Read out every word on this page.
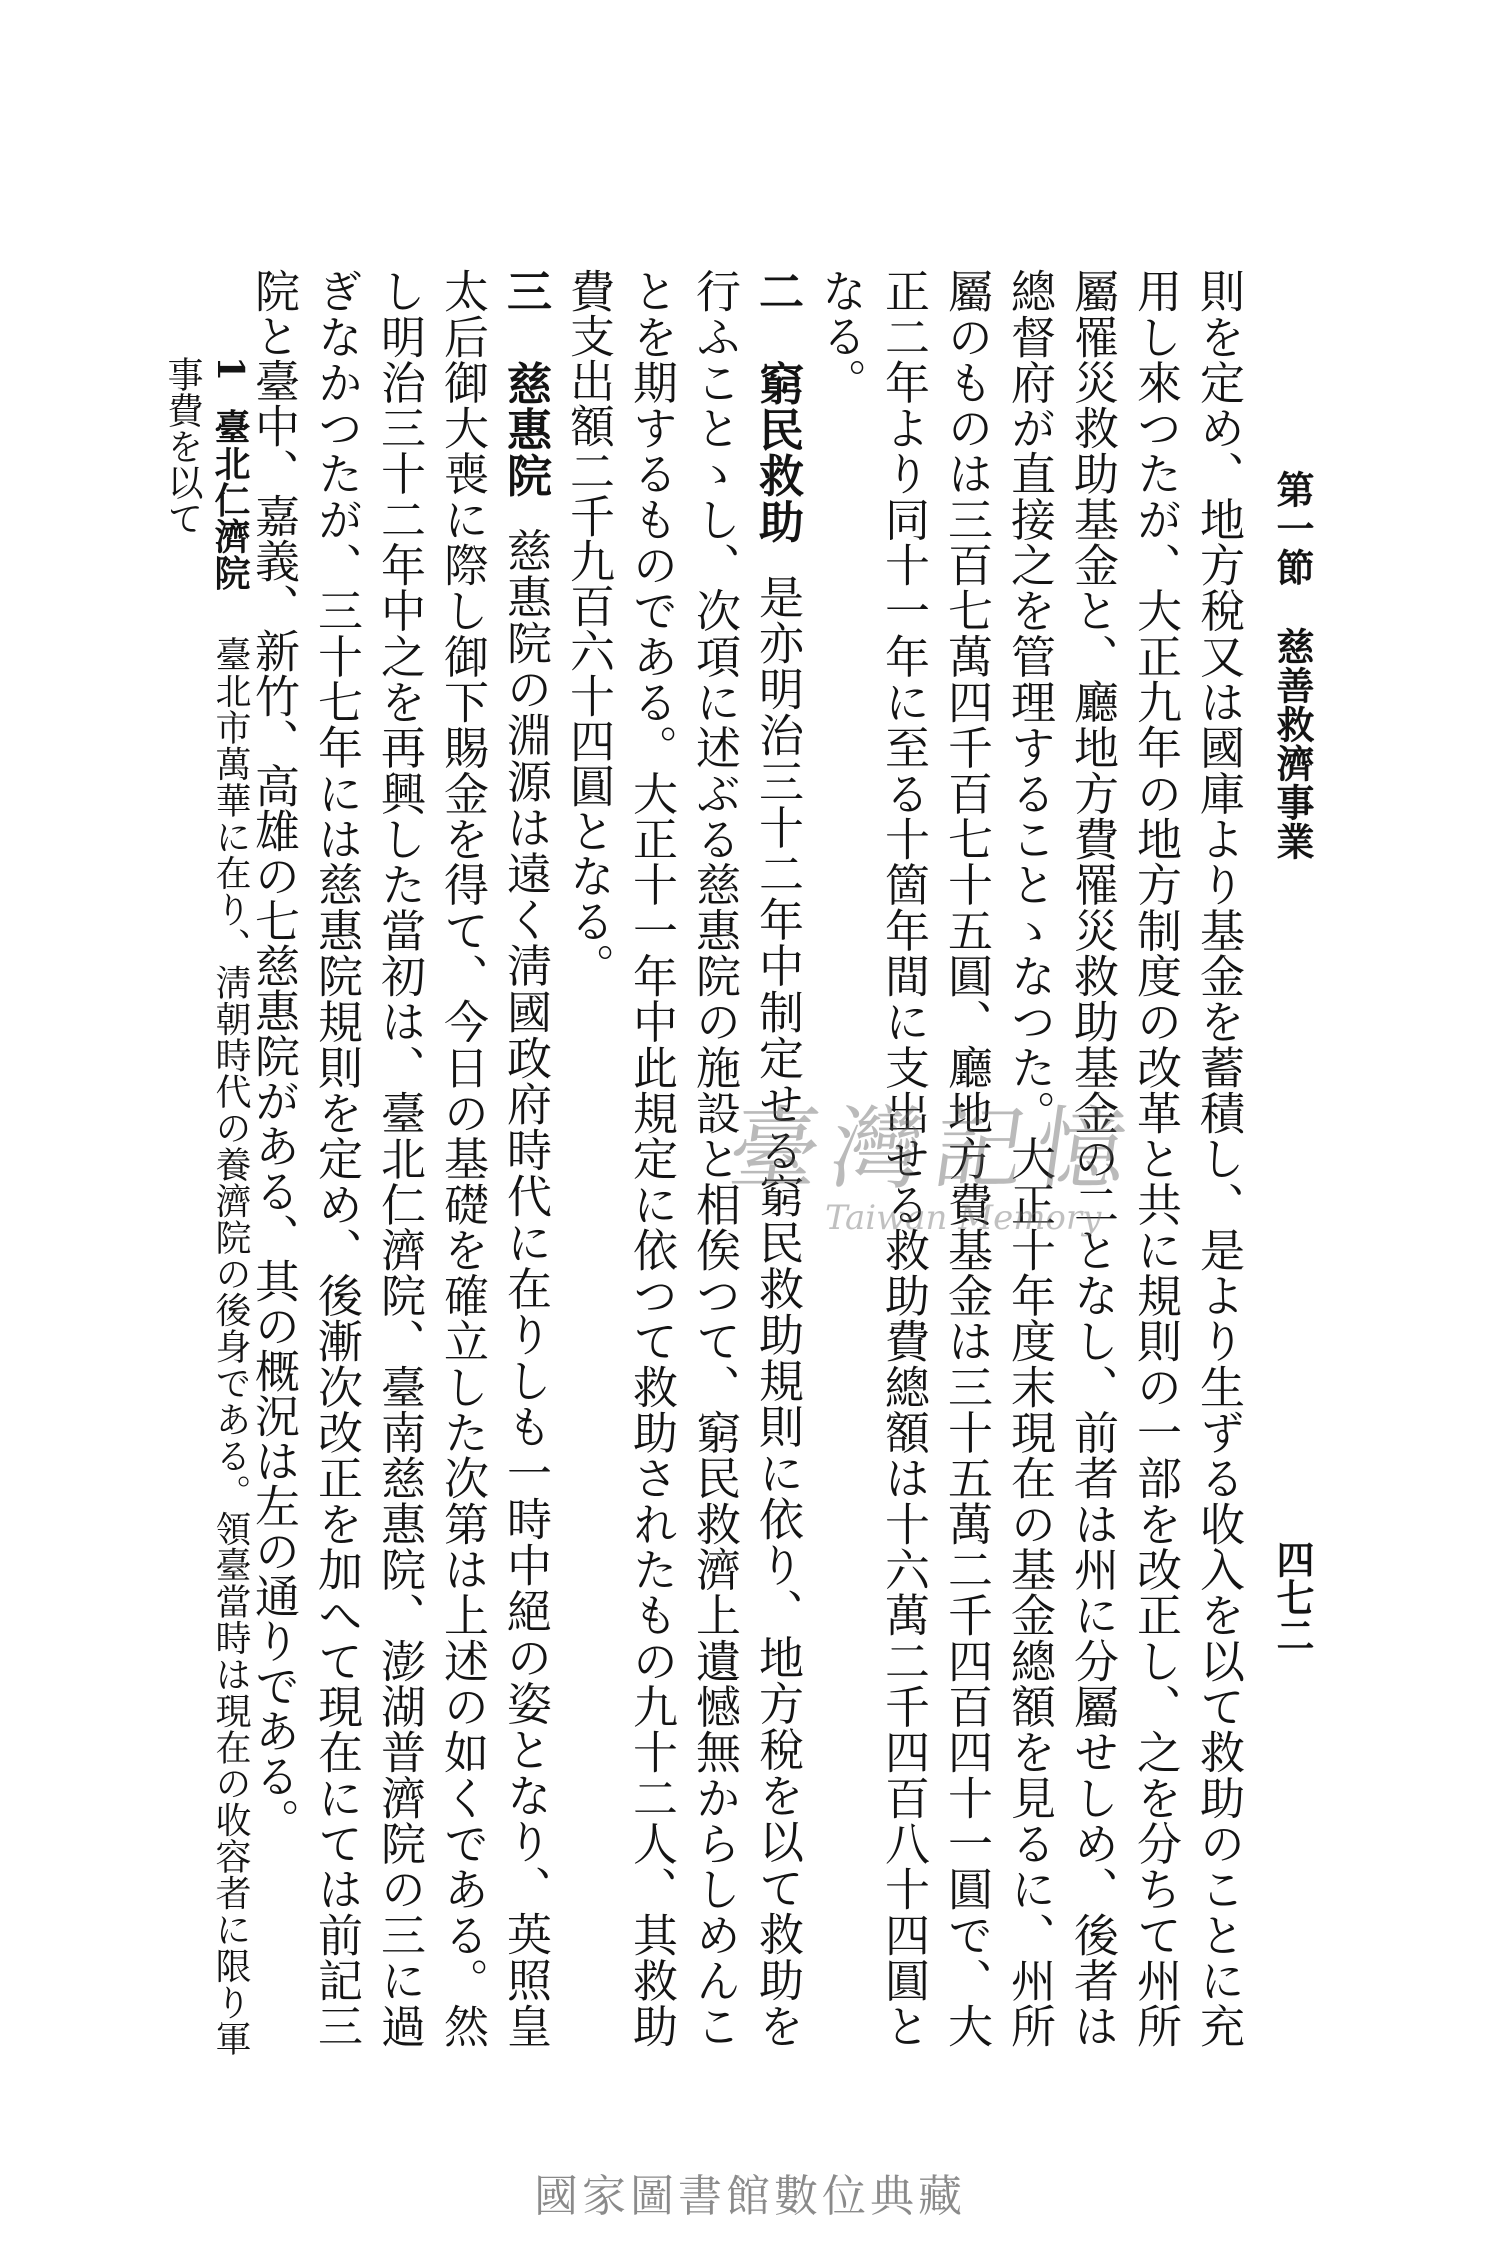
第一節慈善救濟事業
四七二

則を定め、地方稅又は國庫より基金を蓄積し、是より生ずる收入を以て救助のことに充用し來つたが、大正九年の地方制度の改革と共に規則の一部を改正し、之を分ちて州所屬罹災救助基金と、廳地方費罹災救助基金の二となし、前者は州に分屬せしめ、後者は總督府が直接之を管理することゝなつた。大正十年度末現在の基金總額を見るに、州所屬のものは三百七萬四千百七十五圓、廳地方費基金は三十五萬二千四百四十一圓で、大正二年より同十一年に至る十箇年間に支出せる救助費總額は十六萬二千四百八十四圓となる。

二　窮民救助是亦明治三十二年中制定せる窮民救助規則に依り、地方稅を以て救助を行ふことゝし、次項に述ぶる慈惠院の施設と相俟つて、窮民救濟上遺憾無からしめんことを期するものである。大正十一年中此規定に依つて救助されたもの九十二人、其救助費支出額二千九百六十四圓となる。

三　慈惠院慈惠院の淵源は遠く淸國政府時代に在りしも一時中絕の姿となり、英照皇太后御大喪に際し御下賜金を得て、今日の基礎を確立した次第は上述の如くである。然し明治三十二年中之を再興した當初は、臺北仁濟院、臺南慈惠院、澎湖普濟院の三に過ぎなかつたが、三十七年には慈惠院規則を定め、後漸次改正を加へて現在にては前記三院と臺中、嘉義、新竹、高雄の七慈惠院がある、其の概況は左の通りである。

1臺北仁濟院臺北市萬華に在り、淸朝時代の養濟院の後身である。領臺當時は現在の收容者に限り軍事費を以て
臺灣記憶
Taiwan Memory
國家圖書館數位典藏
